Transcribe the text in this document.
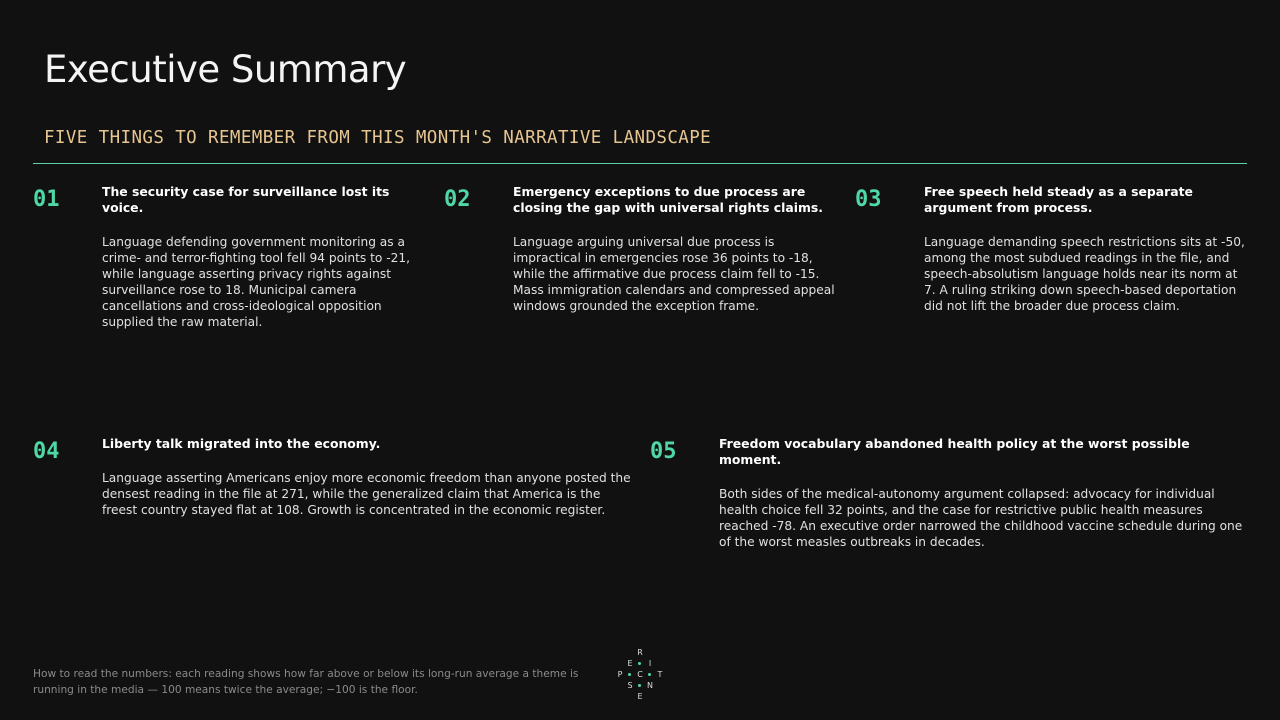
Executive Summary
FIVE THINGS TO REMEMBER FROM THIS MONTH'S NARRATIVE LANDSCAPE
01	The security case for surveillance lost its voice.

Language defending government monitoring as a crime- and terror-fighting tool fell 94 points to -21, while language asserting privacy rights against surveillance rose to 18. Municipal camera cancellations and cross-ideological opposition supplied the raw material.

02	Emergency exceptions to due process are closing the gap with universal rights claims.

Language arguing universal due process is impractical in emergencies rose 36 points to -18, while the affirmative due process claim fell to -15. Mass immigration calendars and compressed appeal windows grounded the exception frame.

03	Free speech held steady as a separate argument from process.

Language demanding speech restrictions sits at -50, among the most subdued readings in the file, and speech-absolutism language holds near its norm at 7. A ruling striking down speech-based deportation did not lift the broader due process claim.

04	Liberty talk migrated into the economy.

Language asserting Americans enjoy more economic freedom than anyone posted the densest reading in the file at 271, while the generalized claim that America is the freest country stayed flat at 108. Growth is concentrated in the economic register.

05	Freedom vocabulary abandoned health policy at the worst possible moment.

Both sides of the medical-autonomy argument collapsed: advocacy for individual health choice fell 32 points, and the case for restrictive public health measures reached -78. An executive order narrowed the childhood vaccine schedule during one of the worst measles outbreaks in decades.

How to read the numbers: each reading shows how far above or below its long-run average a theme is running in the media — 100 means twice the average; −100 is the floor.

R
E	I
P	C	T
S	N
E
